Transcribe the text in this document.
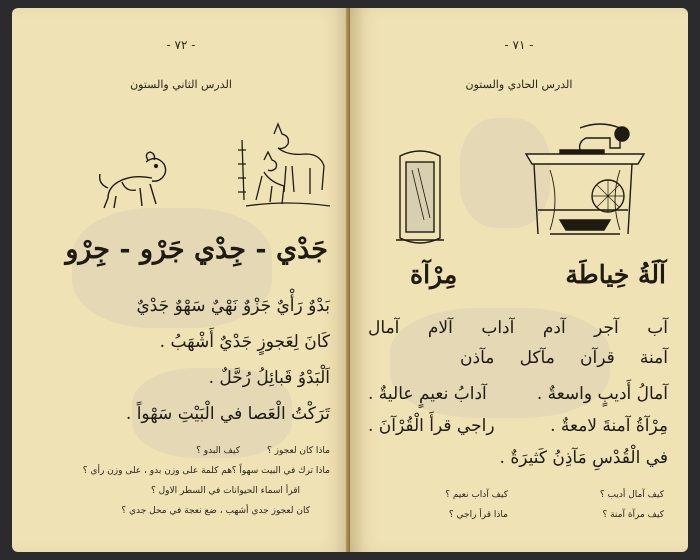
- ٧٢ -
الدرس الثاني والستون
جَدْي - جِدْي جَرْو - جِرْو
بَدْوٌ رَأْيٌ جَزْوٌ نَهْيٌ سَهْوٌ جَدْيٌ
كَانَ لِعَجوزٍ جَدْيٌ أَشْهَبُ .
اَلْبَدْوُ قَبائِلُ رُحَّلٌ .
تَرَكْتُ الْعَصا في الْبَيْتِ سَهْواً .
كيف البدو ؟	ماذا كان لعجوز ؟
هم كلمة على وزن بدو ، على وزن رأي ؟ ماذا ترك في البيت سهواً ؟
اقرأ اسماء الحيوانات في السطر الاول ؟
كان لعجوز جدي أشهب ، ضع نعجة في محل جدي ؟
- ٧١ -
الدرس الحادي والستون
آلَةُ خِياطَة
مِرْآة
آب
آجر
آدم
آداب
آلام
آمال
آمنة
قرآن
مآكل
مآذن
آمالُ أَديبٍ واسعةٌ .
آدابُ نعيمٍ عاليةٌ .
مِرْآةُ آمنةَ لامعةٌ .
راجي قرأَ الْقُرْآنَ .
في الْقُدْسِ مَآذِنُ كَثيرَةٌ .
كيف آمال أديب ؟
كيف آداب نعيم ؟
كيف مرآة آمنة ؟
ماذا قرأ راجي ؟
